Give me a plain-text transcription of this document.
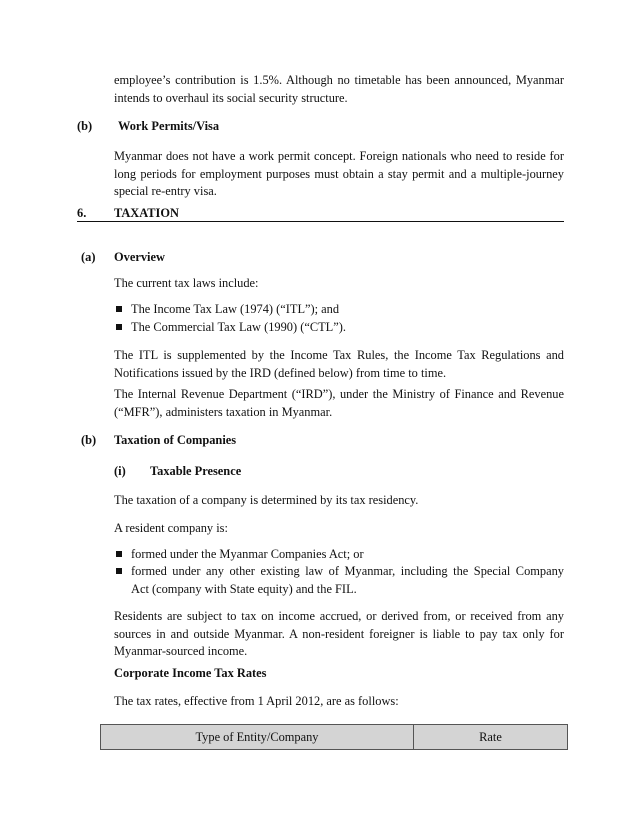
employee’s contribution is 1.5%. Although no timetable has been announced, Myanmar
intends to overhaul its social security structure.
(b) Work Permits/Visa
Myanmar does not have a work permit concept. Foreign nationals who need to reside for
long periods for employment purposes must obtain a stay permit and a multiple-journey
special re-entry visa.
6. TAXATION
(a) Overview
The current tax laws include:
The Income Tax Law (1974) (“ITL”); and
The Commercial Tax Law (1990) (“CTL”).
The ITL is supplemented by the Income Tax Rules, the Income Tax Regulations and
Notifications issued by the IRD (defined below) from time to time.
The Internal Revenue Department (“IRD”), under the Ministry of Finance and Revenue
(“MFR”), administers taxation in Myanmar.
(b) Taxation of Companies
(i) Taxable Presence
The taxation of a company is determined by its tax residency.
A resident company is:
formed under the Myanmar Companies Act; or
formed under any other existing law of Myanmar, including the Special Company
Act (company with State equity) and the FIL.
Residents are subject to tax on income accrued, or derived from, or received from any
sources in and outside Myanmar. A non-resident foreigner is liable to pay tax only for
Myanmar-sourced income.
Corporate Income Tax Rates
The tax rates, effective from 1 April 2012, are as follows:
Type of Entity/Company	Rate
